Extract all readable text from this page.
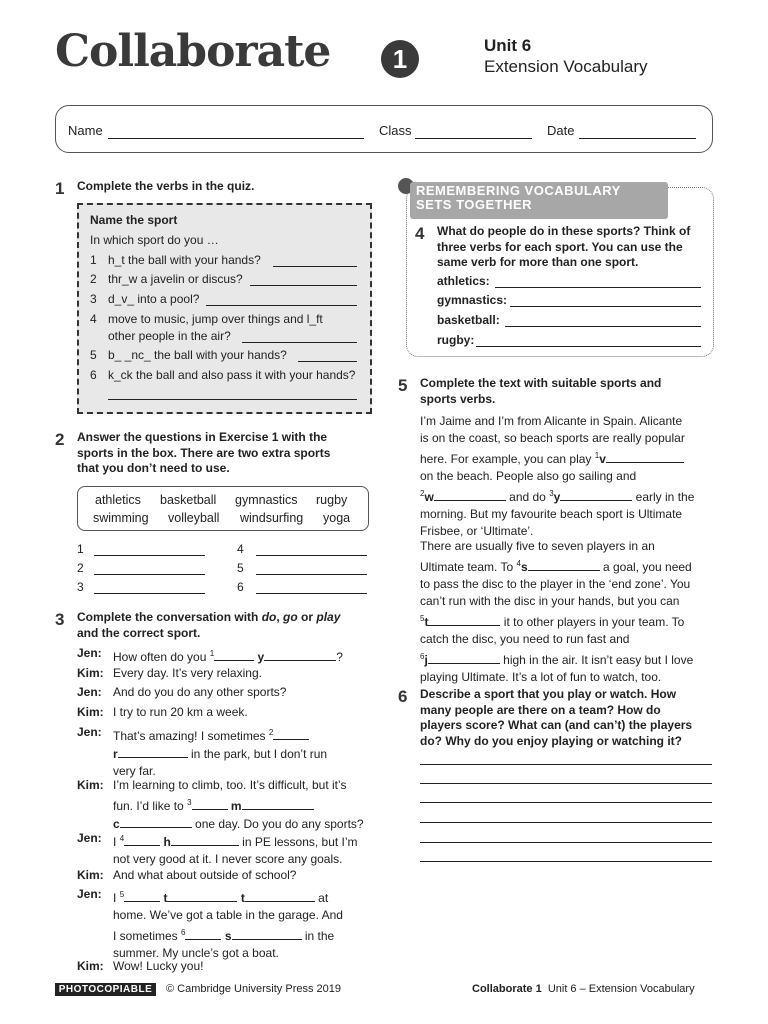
Collaborate	1	Unit 6
Extension Vocabulary
Name	Class	Date
1 Complete the verbs in the quiz.
Name the sport
In which sport do you …
1 h_t the ball with your hands?
2 thr_w a javelin or discus?
3 d_v_ into a pool?
4 move to music, jump over things and l_ft
other people in the air?
5 b_ _nc_ the ball with your hands?
6 k_ck the ball and also pass it with your hands?
2 Answer the questions in Exercise 1 with the
sports in the box. There are two extra sports
that you don’t need to use.
athletics basketball gymnastics rugby
swimming volleyball windsurfing yoga
1
2
3
4
5
6
3 Complete the conversation with do, go or play
and the correct sport.
Jen: How often do you $^1$	y	?
Kim: Every day. It’s very relaxing.
Jen: And do you do any other sports?
Kim: I try to run 20 km a week.
Jen: That’s amazing! I sometimes $^2$
r	in the park, but I don’t run
very far.
Kim: I’m learning to climb, too. It’s difficult, but it’s
fun. I’d like to $^3$	m
c	one day. Do you do any sports?
Jen: I $^4$	h	in PE lessons, but I’m
not very good at it. I never score any goals.
Kim: And what about outside of school?
Jen: I $^5$	t	t	at
home. We’ve got a table in the garage. And
I sometimes $^6$	s	in the
summer. My uncle’s got a boat.
Kim: Wow! Lucky you!
REMEMBERING VOCABULARY
SETS TOGETHER
4 What do people do in these sports? Think of
three verbs for each sport. You can use the
same verb for more than one sport.
athletics:
gymnastics:
basketball:
rugby:
5 Complete the text with suitable sports and
sports verbs.
I’m Jaime and I’m from Alicante in Spain. Alicante
is on the coast, so beach sports are really popular
here. For example, you can play $^1$v
on the beach. People also go sailing and
$^2$w	and do $^3$y	early in the
morning. But my favourite beach sport is Ultimate
Frisbee, or ‘Ultimate’.
There are usually five to seven players in an
Ultimate team. To $^4$s	a goal, you need
to pass the disc to the player in the ‘end zone’. You
can’t run with the disc in your hands, but you can
$^5$t	it to other players in your team. To
catch the disc, you need to run fast and
$^6$j	high in the air. It isn’t easy but I love
playing Ultimate. It’s a lot of fun to watch, too.
6 Describe a sport that you play or watch. How
many people are there on a team? How do
players score? What can (and can’t) the players
do? Why do you enjoy playing or watching it?
PHOTOCOPIABLE	© Cambridge University Press 2019	Collaborate 1 Unit 6 – Extension Vocabulary
